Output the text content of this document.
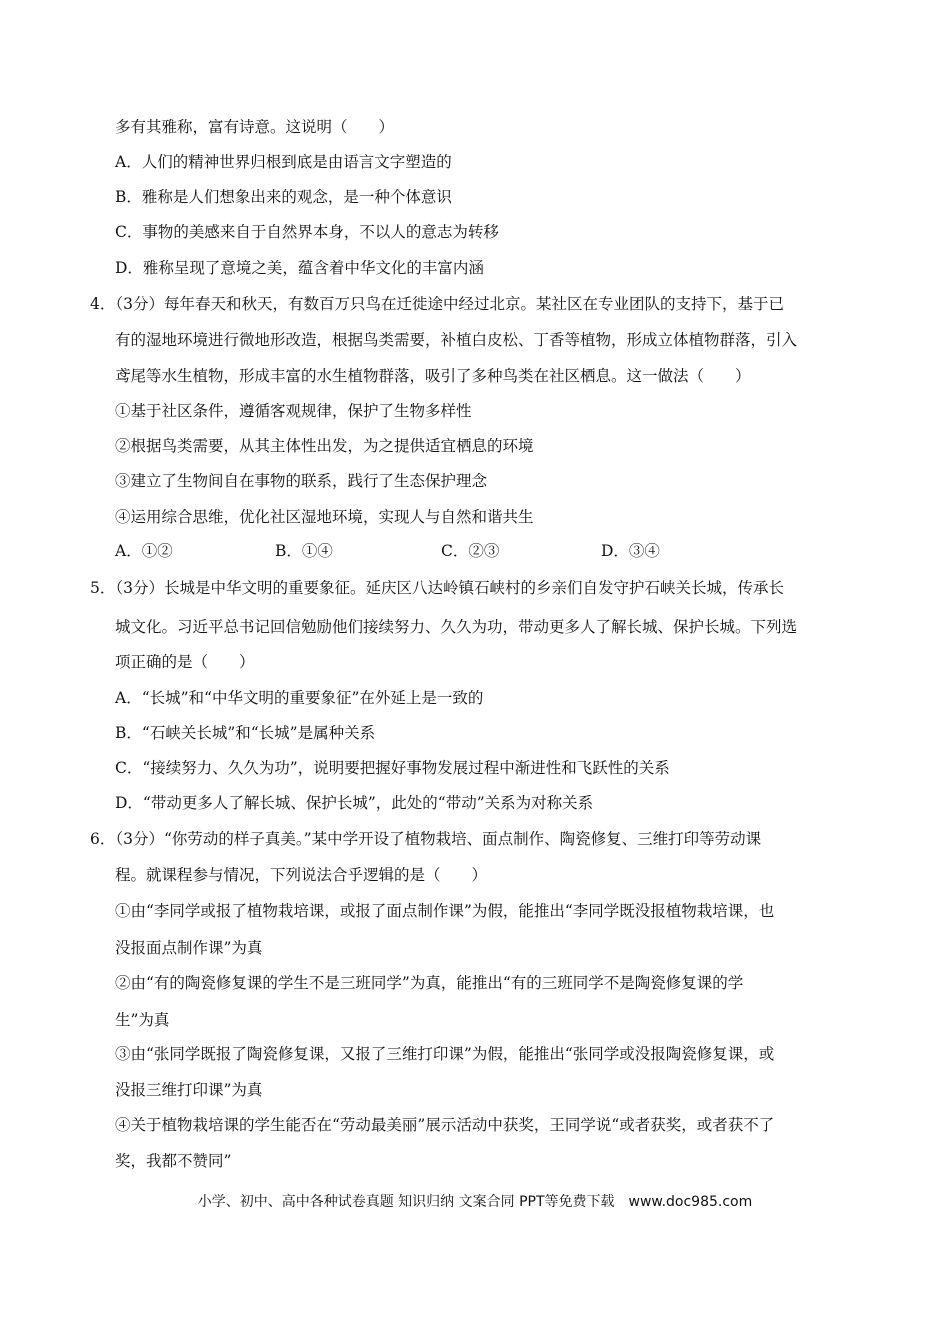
多有其雅称，富有诗意。这说明（　　）
A．人们的精神世界归根到底是由语言文字塑造的
B．雅称是人们想象出来的观念，是一种个体意识
C．事物的美感来自于自然界本身，不以人的意志为转移
D．雅称呈现了意境之美，蕴含着中华文化的丰富内涵
4．（3分）每年春天和秋天，有数百万只鸟在迁徙途中经过北京。某社区在专业团队的支持下，基于已
有的湿地环境进行微地形改造，根据鸟类需要，补植白皮松、丁香等植物，形成立体植物群落，引入
鸢尾等水生植物，形成丰富的水生植物群落，吸引了多种鸟类在社区栖息。这一做法（　　）
①基于社区条件，遵循客观规律，保护了生物多样性
②根据鸟类需要，从其主体性出发，为之提供适宜栖息的环境
③建立了生物间自在事物的联系，践行了生态保护理念
④运用综合思维，优化社区湿地环境，实现人与自然和谐共生
A．①②	B．①④	C．②③	D．③④
5．（3分）长城是中华文明的重要象征。延庆区八达岭镇石峡村的乡亲们自发守护石峡关长城，传承长
城文化。习近平总书记回信勉励他们接续努力、久久为功，带动更多人了解长城、保护长城。下列选
项正确的是（　　）
A．“长城”和“中华文明的重要象征”在外延上是一致的
B．“石峡关长城”和“长城”是属种关系
C．“接续努力、久久为功”，说明要把握好事物发展过程中渐进性和飞跃性的关系
D．“带动更多人了解长城、保护长城”，此处的“带动”关系为对称关系
6．（3分）“你劳动的样子真美。”某中学开设了植物栽培、面点制作、陶瓷修复、三维打印等劳动课
程。就课程参与情况，下列说法合乎逻辑的是（　　）
①由“李同学或报了植物栽培课，或报了面点制作课”为假，能推出“李同学既没报植物栽培课，也
没报面点制作课”为真
②由“有的陶瓷修复课的学生不是三班同学”为真，能推出“有的三班同学不是陶瓷修复课的学
生”为真
③由“张同学既报了陶瓷修复课，又报了三维打印课”为假，能推出“张同学或没报陶瓷修复课，或
没报三维打印课”为真
④关于植物栽培课的学生能否在“劳动最美丽”展示活动中获奖，王同学说“或者获奖，或者获不了
奖，我都不赞同”
小学、初中、高中各种试卷真题 知识归纳 文案合同 PPT等免费下载　www.doc985.com
